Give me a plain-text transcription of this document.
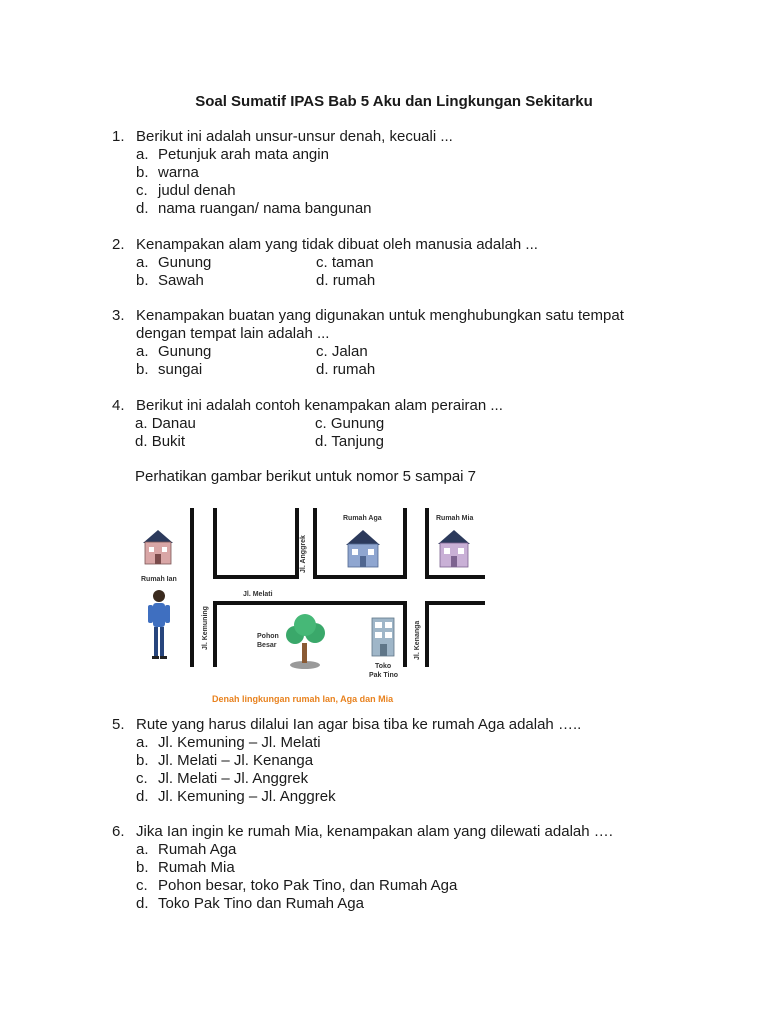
Soal Sumatif IPAS Bab 5 Aku dan Lingkungan Sekitarku
1. Berikut ini adalah unsur-unsur denah, kecuali ...
a. Petunjuk arah mata angin
b. warna
c. judul denah
d. nama ruangan/ nama bangunan
2. Kenampakan alam yang tidak dibuat oleh manusia adalah ...
a. Gunung	c. taman
b. Sawah	d. rumah
3. Kenampakan buatan yang digunakan untuk menghubungkan satu tempat
dengan tempat lain adalah ...
a. Gunung	c. Jalan
b. sungai	d. rumah
4. Berikut ini adalah contoh kenampakan alam perairan ...
a. Danau	c. Gunung
d. Bukit	d. Tanjung
Perhatikan gambar berikut untuk nomor 5 sampai 7
Rumah Ian
Rumah Aga	Rumah Mia
Jl. Anggrek
Jl. Melati
Jl. Kemuning	Jl. Kenanga
Pohon
Besar
Toko
Pak Tino
Denah lingkungan rumah Ian, Aga dan Mia
5. Rute yang harus dilalui Ian agar bisa tiba ke rumah Aga adalah …..
a. Jl. Kemuning – Jl. Melati
b. Jl. Melati – Jl. Kenanga
c. Jl. Melati – Jl. Anggrek
d. Jl. Kemuning – Jl. Anggrek
6. Jika Ian ingin ke rumah Mia, kenampakan alam yang dilewati adalah ….
a. Rumah Aga
b. Rumah Mia
c. Pohon besar, toko Pak Tino, dan Rumah Aga
d. Toko Pak Tino dan Rumah Aga
